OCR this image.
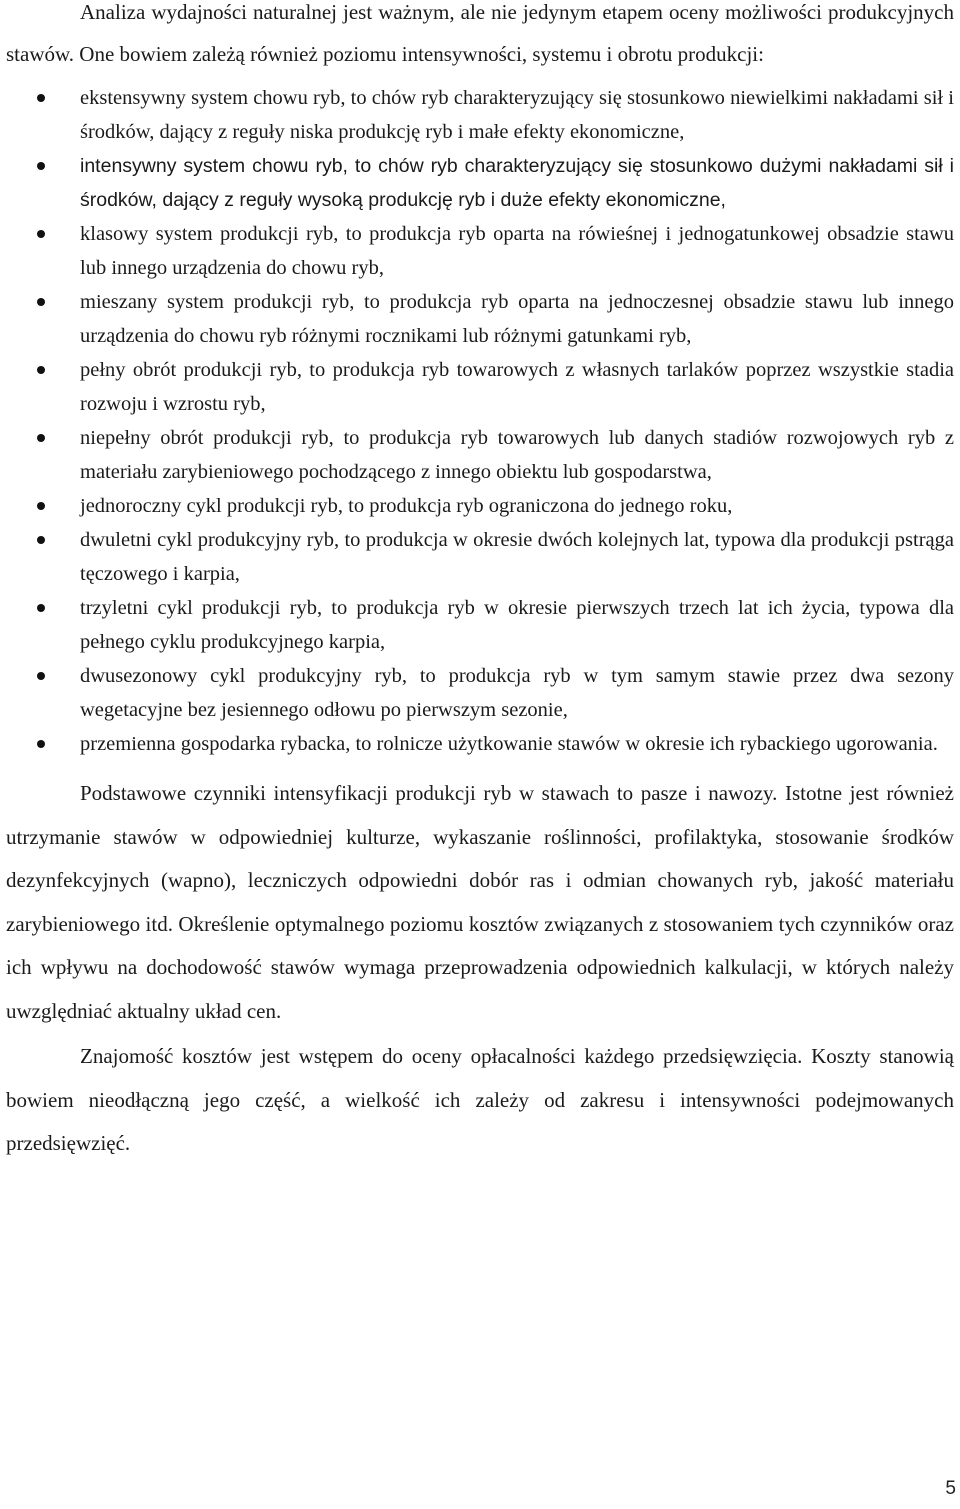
Analiza wydajności naturalnej jest ważnym, ale nie jedynym etapem oceny możliwości produkcyjnych stawów. One bowiem zależą również poziomu intensywności, systemu i obrotu produkcji:

ekstensywny system chowu ryb, to chów ryb charakteryzujący się stosunkowo niewielkimi nakładami sił i środków, dający z reguły niska produkcję ryb i małe efekty ekonomiczne,
intensywny system chowu ryb, to chów ryb charakteryzujący się stosunkowo dużymi nakładami sił i środków, dający z reguły wysoką produkcję ryb i duże efekty ekonomiczne,
klasowy system produkcji ryb, to produkcja ryb oparta na rówieśnej i jednogatunkowej obsadzie stawu lub innego urządzenia do chowu ryb,
mieszany system produkcji ryb, to produkcja ryb oparta na jednoczesnej obsadzie stawu lub innego urządzenia do chowu ryb różnymi rocznikami lub różnymi gatunkami ryb,
pełny obrót produkcji ryb, to produkcja ryb towarowych z własnych tarlaków poprzez wszystkie stadia rozwoju i wzrostu ryb,
niepełny obrót produkcji ryb, to produkcja ryb towarowych lub danych stadiów rozwojowych ryb z materiału zarybieniowego pochodzącego z innego obiektu lub gospodarstwa,
jednoroczny cykl produkcji ryb, to produkcja ryb ograniczona do jednego roku,
dwuletni cykl produkcyjny ryb, to produkcja w okresie dwóch kolejnych lat, typowa dla produkcji pstrąga tęczowego i karpia,
trzyletni cykl produkcji ryb, to produkcja ryb w okresie pierwszych trzech lat ich życia, typowa dla pełnego cyklu produkcyjnego karpia,
dwusezonowy cykl produkcyjny ryb, to produkcja ryb w tym samym stawie przez dwa sezony wegetacyjne bez jesiennego odłowu po pierwszym sezonie,
przemienna gospodarka rybacka, to rolnicze użytkowanie stawów w okresie ich rybackiego ugorowania.

Podstawowe czynniki intensyfikacji produkcji ryb w stawach to pasze i nawozy. Istotne jest również utrzymanie stawów w odpowiedniej kulturze, wykaszanie roślinności, profilaktyka, stosowanie środków dezynfekcyjnych (wapno), leczniczych odpowiedni dobór ras i odmian chowanych ryb, jakość materiału zarybieniowego itd. Określenie optymalnego poziomu kosztów związanych z stosowaniem tych czynników oraz ich wpływu na dochodowość stawów wymaga przeprowadzenia odpowiednich kalkulacji, w których należy uwzględniać aktualny układ cen.

Znajomość kosztów jest wstępem do oceny opłacalności każdego przedsięwzięcia. Koszty stanowią bowiem nieodłączną jego część, a wielkość ich zależy od zakresu i intensywności podejmowanych przedsięwzięć.

5
